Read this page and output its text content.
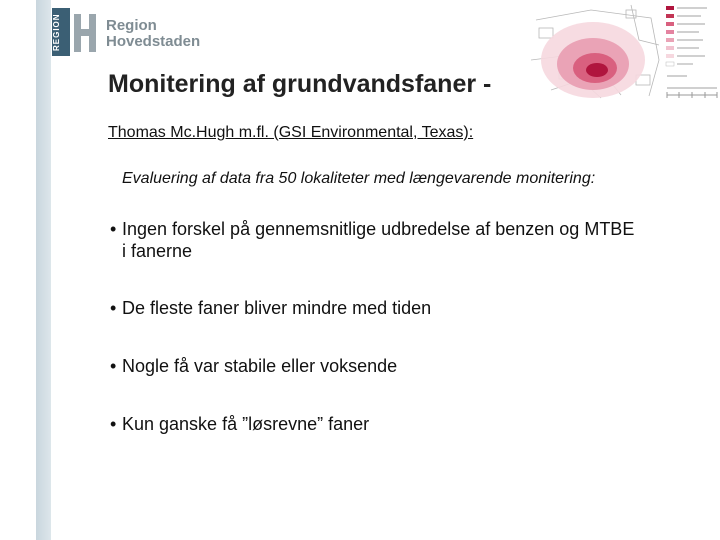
REGION	Region
Hovedstaden
Monitering af grundvandsfaner -
Thomas Mc.Hugh m.fl. (GSI Environmental, Texas):
Evaluering af data fra 50 lokaliteter med længevarende monitering:
• Ingen forskel på gennemsnitlige udbredelse af benzen og MTBE
i fanerne
• De fleste faner bliver mindre med tiden
• Nogle få var stabile eller voksende
• Kun ganske få ”løsrevne” faner
